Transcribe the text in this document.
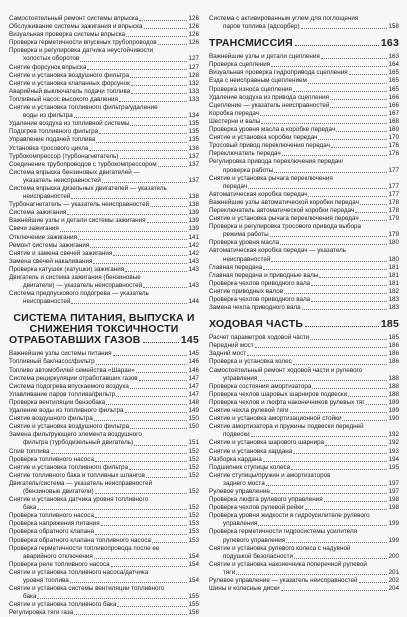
Самостоятельный ремонт системы впрыска	126
Обслуживание системы зажигания и впрыска	126
Визуальная проверка системы впрыска	126
Проверка герметичности впускных трубопроводов	126
Проверка и регулировка датчика неустойчивости
холостых оборотов	127
Снятие форсунок впрыска	127
Снятие и установка воздушного фильтра	128
Снятие и установка клапанных форсунок	132
Аварийный выключатель подачи топлива	133
Топливный насос высокого давления	133
Снятие и установка топливного фильтра/удаление
воды из фильтра	134
Удаление воздуха из топливной системы	135
Подогрев топливного фильтра	135
Управление подачей топлива	135
Установка тросового цикла	136
Турбокомпрессор (турбонагнетатель)	137
Соединение трубопроводов с турбокомпрессором	137
Система впрыска бензиновых двигателей —
указатель неисправностей	137
Система впрыска дизельных двигателей — указатель
неисправностей	138
Турбонагнетатель — указатель неисправностей	138
Система зажигания	139
Важнейшие узлы и детали системы зажигания	139
Свечи зажигания	139
Отключение зажигания	141
Ремонт системы зажигания	142
Снятие и замена свечей зажигания	142
Замена свечей накаливания	143
Проверка катушек (катушки) зажигания	143
Двигатель и система зажигания (бензиновые
двигатели) — указатель неисправностей	143
Система предпускового подогрева — указатель
неисправностей	144
СИСТЕМА ПИТАНИЯ, ВЫПУСКА И
СНИЖЕНИЯ ТОКСИЧНОСТИ
ОТРАБОТАВШИХ ГАЗОВ	145
Важнейшие узлы системы питания	145
Топливный бак/насос/фильтр	146
Топливо автомобилей семейства «Шаран»	146
Система рециркуляции отработавших газов	147
Система подогрева впускаемого воздуха	147
Улавливание паров топлива/фильтр	147
Проверка вентиляции бензобака	148
Удаление воды из топливного фильтра	149
Снятие воздушного фильтра	150
Снятие и установка воздушного фильтра	150
Замена фильтрующего элемента воздушного
фильтра (турбодизельный двигатель)	151
Слив топлива	152
Проверка топливного насоса	152
Снятие и установка топливного фильтра	152
Снятие топливного бака и топливных шлангов	152
Двигатель/система — указатель неисправностей
(бензиновые двигатели)	152
Снятие и установка датчика уровня топливного
бака	152
Проверка топливного насоса	152
Проверка напряжения питания	153
Проверка обратного клапана	153
Проверка обратного клапана топливного насоса	153
Проверка герметичности топливопровода после ее
аварийного отключения	154
Проверка реле топливного насоса	154
Снятие и установка топливного насоса/датчика
уровня топлива	154
Снятие и установка системы вентиляции топливного
бака	155
Снятие и установка топливного бака	155
Регулировка тяги газа	156
Система с активированным углем для поглощения
паров топлива (адсорбер)	158
ТРАНСМИССИЯ	163
Важнейшие узлы и детали сцепления	163
Проверка сцепления	164
Визуальная проверка гидропривода сцепления	165
Езда с неисправным сцеплением	165
Проверка износа сцепления	165
Удаление воздуха из привода сцепления	166
Сцепление — указатель неисправностей	166
Коробка передач	167
Шестерни и валы	168
Проверка уровня масла в коробке передач	169
Снятие и установка коробки передач	170
Тросовый привод переключения передач	176
Переключатель передач	176
Регулировка привода переключения передач/
проверка работы	177
Снятие и установка рычага переключения
передач	177
Автоматическая коробка передач	177
Важнейшие узлы автоматической коробки передач	178
Переключатель автоматической коробки передач	178
Снятие и установка рычага переключения передач	179
Проверка и регулировка тросового привода выбора
режима работы	179
Проверка уровня масла	180
Автоматическая коробка передач — указатель
неисправностей	180
Главная передача	181
Главная передача и приводные валы	181
Проверка чехлов приводного вала	181
Снятие приводных валов	182
Проверка чехлов приводного вала	183
Замена чехла приводного вала	183
ХОДОВАЯ ЧАСТЬ	185
Расчет параметров ходовой части	185
Передний мост	186
Задний мост	186
Проверка и установка колес	186
Самостоятельный ремонт ходовой части и рулевого
управления	188
Проверка состояния амортизатора	188
Проверка чехлов шаровых шарниров подвески	188
Проверка чехлов и люфта наконечников рулевых тяг	189
Снятие чехла рулевой тяги	189
Снятие и установка амортизационной стойки	190
Снятие амортизатора и пружины подвески передней
подвески	192
Снятие и установка шарового шарнира	192
Снятие и установка кардана	193
Разборка кардана	194
Подшипник ступицы колеса	195
Снятие ступицы/пружин и амортизаторов
заднего моста	197
Рулевое управление	197
Проверка люфта рулевого управления	198
Проверка чехлов рулевой рейки	198
Проверка уровня жидкости в гидроусилителе рулевого
управления	199
Проверка герметичности гидросистемы усилителя
рулевого управления	199
Снятие и установка рулевого колеса с надувной
подушкой безопасности	200
Снятие и установка наконечника поперечной рулевой
тяги	201
Рулевое управление — указатель неисправностей	202
Шины и колесные диски	204
